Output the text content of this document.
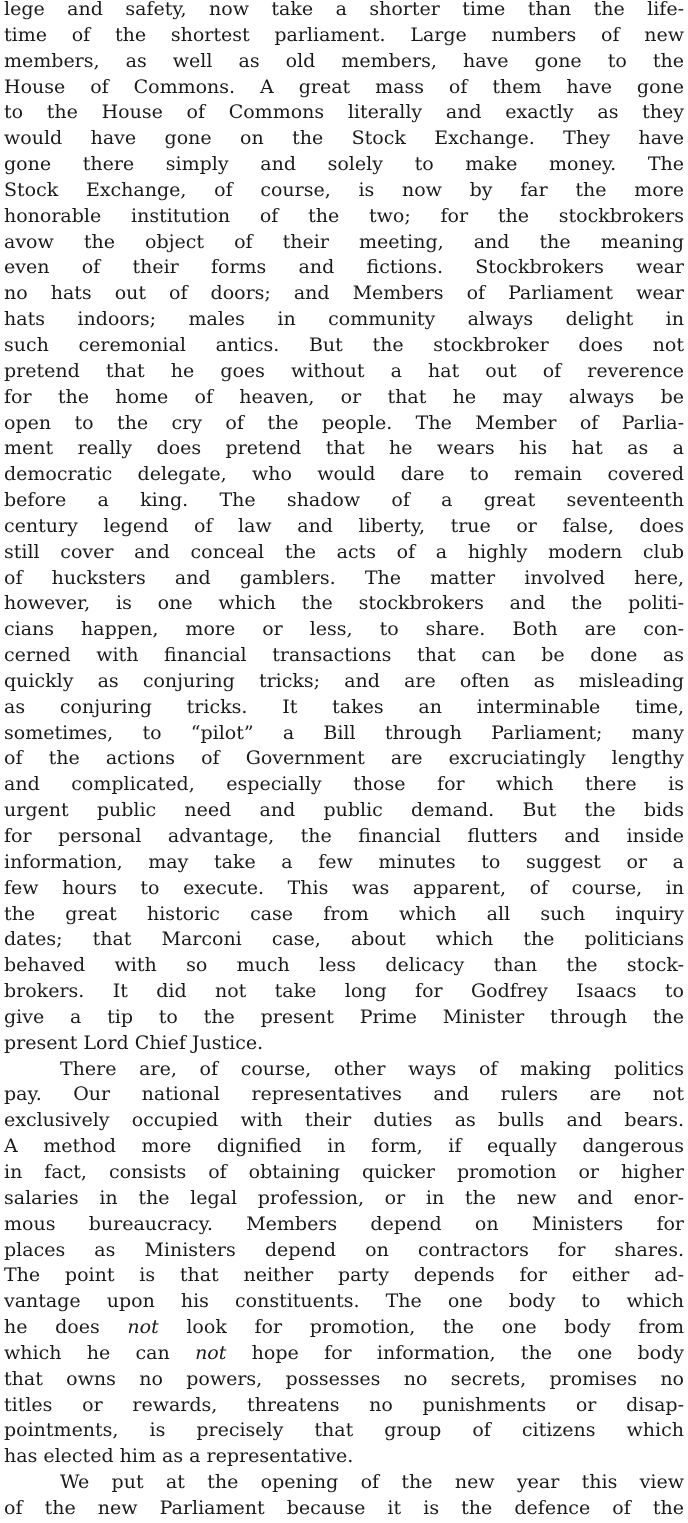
lege and safety, now take a shorter time than the life-
time of the shortest parliament. Large numbers of new
members, as well as old members, have gone to the
House of Commons. A great mass of them have gone
to the House of Commons literally and exactly as they
would have gone on the Stock Exchange. They have
gone there simply and solely to make money. The
Stock Exchange, of course, is now by far the more
honorable institution of the two; for the stockbrokers
avow the object of their meeting, and the meaning
even of their forms and fictions. Stockbrokers wear
no hats out of doors; and Members of Parliament wear
hats indoors; males in community always delight in
such ceremonial antics. But the stockbroker does not
pretend that he goes without a hat out of reverence
for the home of heaven, or that he may always be
open to the cry of the people. The Member of Parlia-
ment really does pretend that he wears his hat as a
democratic delegate, who would dare to remain covered
before a king. The shadow of a great seventeenth
century legend of law and liberty, true or false, does
still cover and conceal the acts of a highly modern club
of hucksters and gamblers. The matter involved here,
however, is one which the stockbrokers and the politi-
cians happen, more or less, to share. Both are con-
cerned with financial transactions that can be done as
quickly as conjuring tricks; and are often as misleading
as conjuring tricks. It takes an interminable time,
sometimes, to “pilot” a Bill through Parliament; many
of the actions of Government are excruciatingly lengthy
and complicated, especially those for which there is
urgent public need and public demand. But the bids
for personal advantage, the financial flutters and inside
information, may take a few minutes to suggest or a
few hours to execute. This was apparent, of course, in
the great historic case from which all such inquiry
dates; that Marconi case, about which the politicians
behaved with so much less delicacy than the stock-
brokers. It did not take long for Godfrey Isaacs to
give a tip to the present Prime Minister through the
present Lord Chief Justice.
There are, of course, other ways of making politics
pay. Our national representatives and rulers are not
exclusively occupied with their duties as bulls and bears.
A method more dignified in form, if equally dangerous
in fact, consists of obtaining quicker promotion or higher
salaries in the legal profession, or in the new and enor-
mous bureaucracy. Members depend on Ministers for
places as Ministers depend on contractors for shares.
The point is that neither party depends for either ad-
vantage upon his constituents. The one body to which
he does not look for promotion, the one body from
which he can not hope for information, the one body
that owns no powers, possesses no secrets, promises no
titles or rewards, threatens no punishments or disap-
pointments, is precisely that group of citizens which
has elected him as a representative.
We put at the opening of the new year this view
of the new Parliament because it is the defence of the
